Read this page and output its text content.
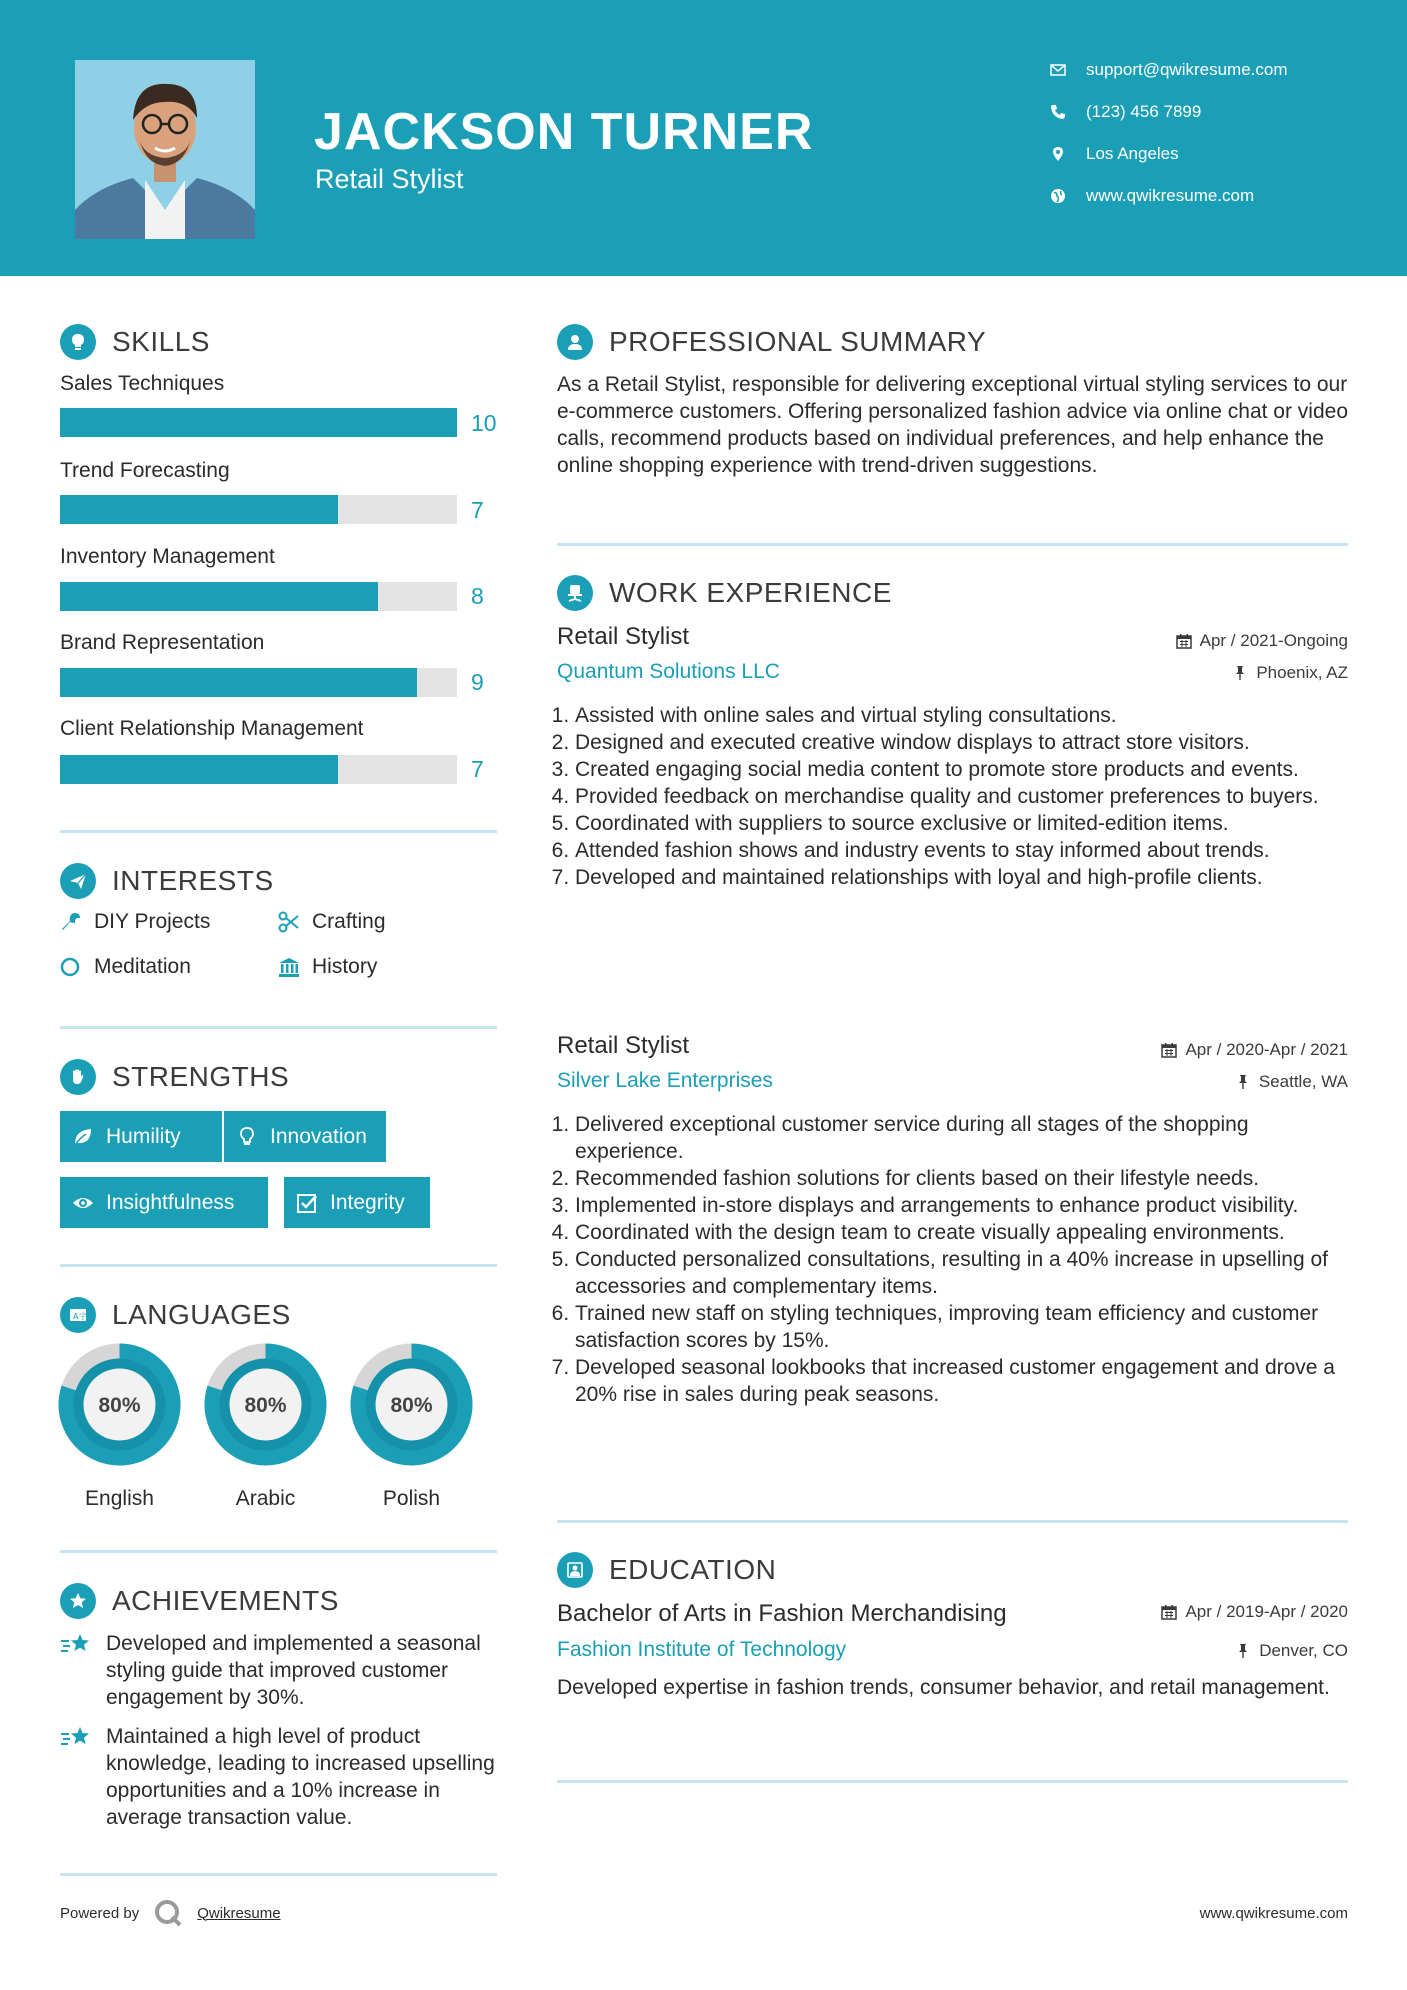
JACKSON TURNER
Retail Stylist
support@qwikresume.com
(123) 456 7899
Los Angeles
www.qwikresume.com
SKILLS
Sales Techniques
10
Trend Forecasting
7
Inventory Management
8
Brand Representation
9
Client Relationship Management
7
INTERESTS
DIY Projects	Crafting
Meditation	History
STRENGTHS
Humility	Innovation
Insightfulness	Integrity
A 字 LANGUAGES
80%
English
80%
Arabic
80%
Polish
ACHIEVEMENTS
Developed and implemented a seasonal styling guide that improved customer engagement by 30%.
Maintained a high level of product knowledge, leading to increased upselling opportunities and a 10% increase in average transaction value.
PROFESSIONAL SUMMARY
As a Retail Stylist, responsible for delivering exceptional virtual styling services to our e-commerce customers. Offering personalized fashion advice via online chat or video calls, recommend products based on individual preferences, and help enhance the online shopping experience with trend-driven suggestions.
WORK EXPERIENCE
Retail Stylist	Apr / 2021-Ongoing
Quantum Solutions LLC	Phoenix, AZ
1. Assisted with online sales and virtual styling consultations.
2. Designed and executed creative window displays to attract store visitors.
3. Created engaging social media content to promote store products and events.
4. Provided feedback on merchandise quality and customer preferences to buyers.
5. Coordinated with suppliers to source exclusive or limited-edition items.
6. Attended fashion shows and industry events to stay informed about trends.
7. Developed and maintained relationships with loyal and high-profile clients.
Retail Stylist	Apr / 2020-Apr / 2021
Silver Lake Enterprises	Seattle, WA
1. Delivered exceptional customer service during all stages of the shopping experience.
2. Recommended fashion solutions for clients based on their lifestyle needs.
3. Implemented in-store displays and arrangements to enhance product visibility.
4. Coordinated with the design team to create visually appealing environments.
5. Conducted personalized consultations, resulting in a 40% increase in upselling of accessories and complementary items.
6. Trained new staff on styling techniques, improving team efficiency and customer satisfaction scores by 15%.
7. Developed seasonal lookbooks that increased customer engagement and drove a 20% rise in sales during peak seasons.
EDUCATION
Bachelor of Arts in Fashion Merchandising	Apr / 2019-Apr / 2020
Fashion Institute of Technology	Denver, CO
Developed expertise in fashion trends, consumer behavior, and retail management.
Powered by	Qwikresume	www.qwikresume.com
